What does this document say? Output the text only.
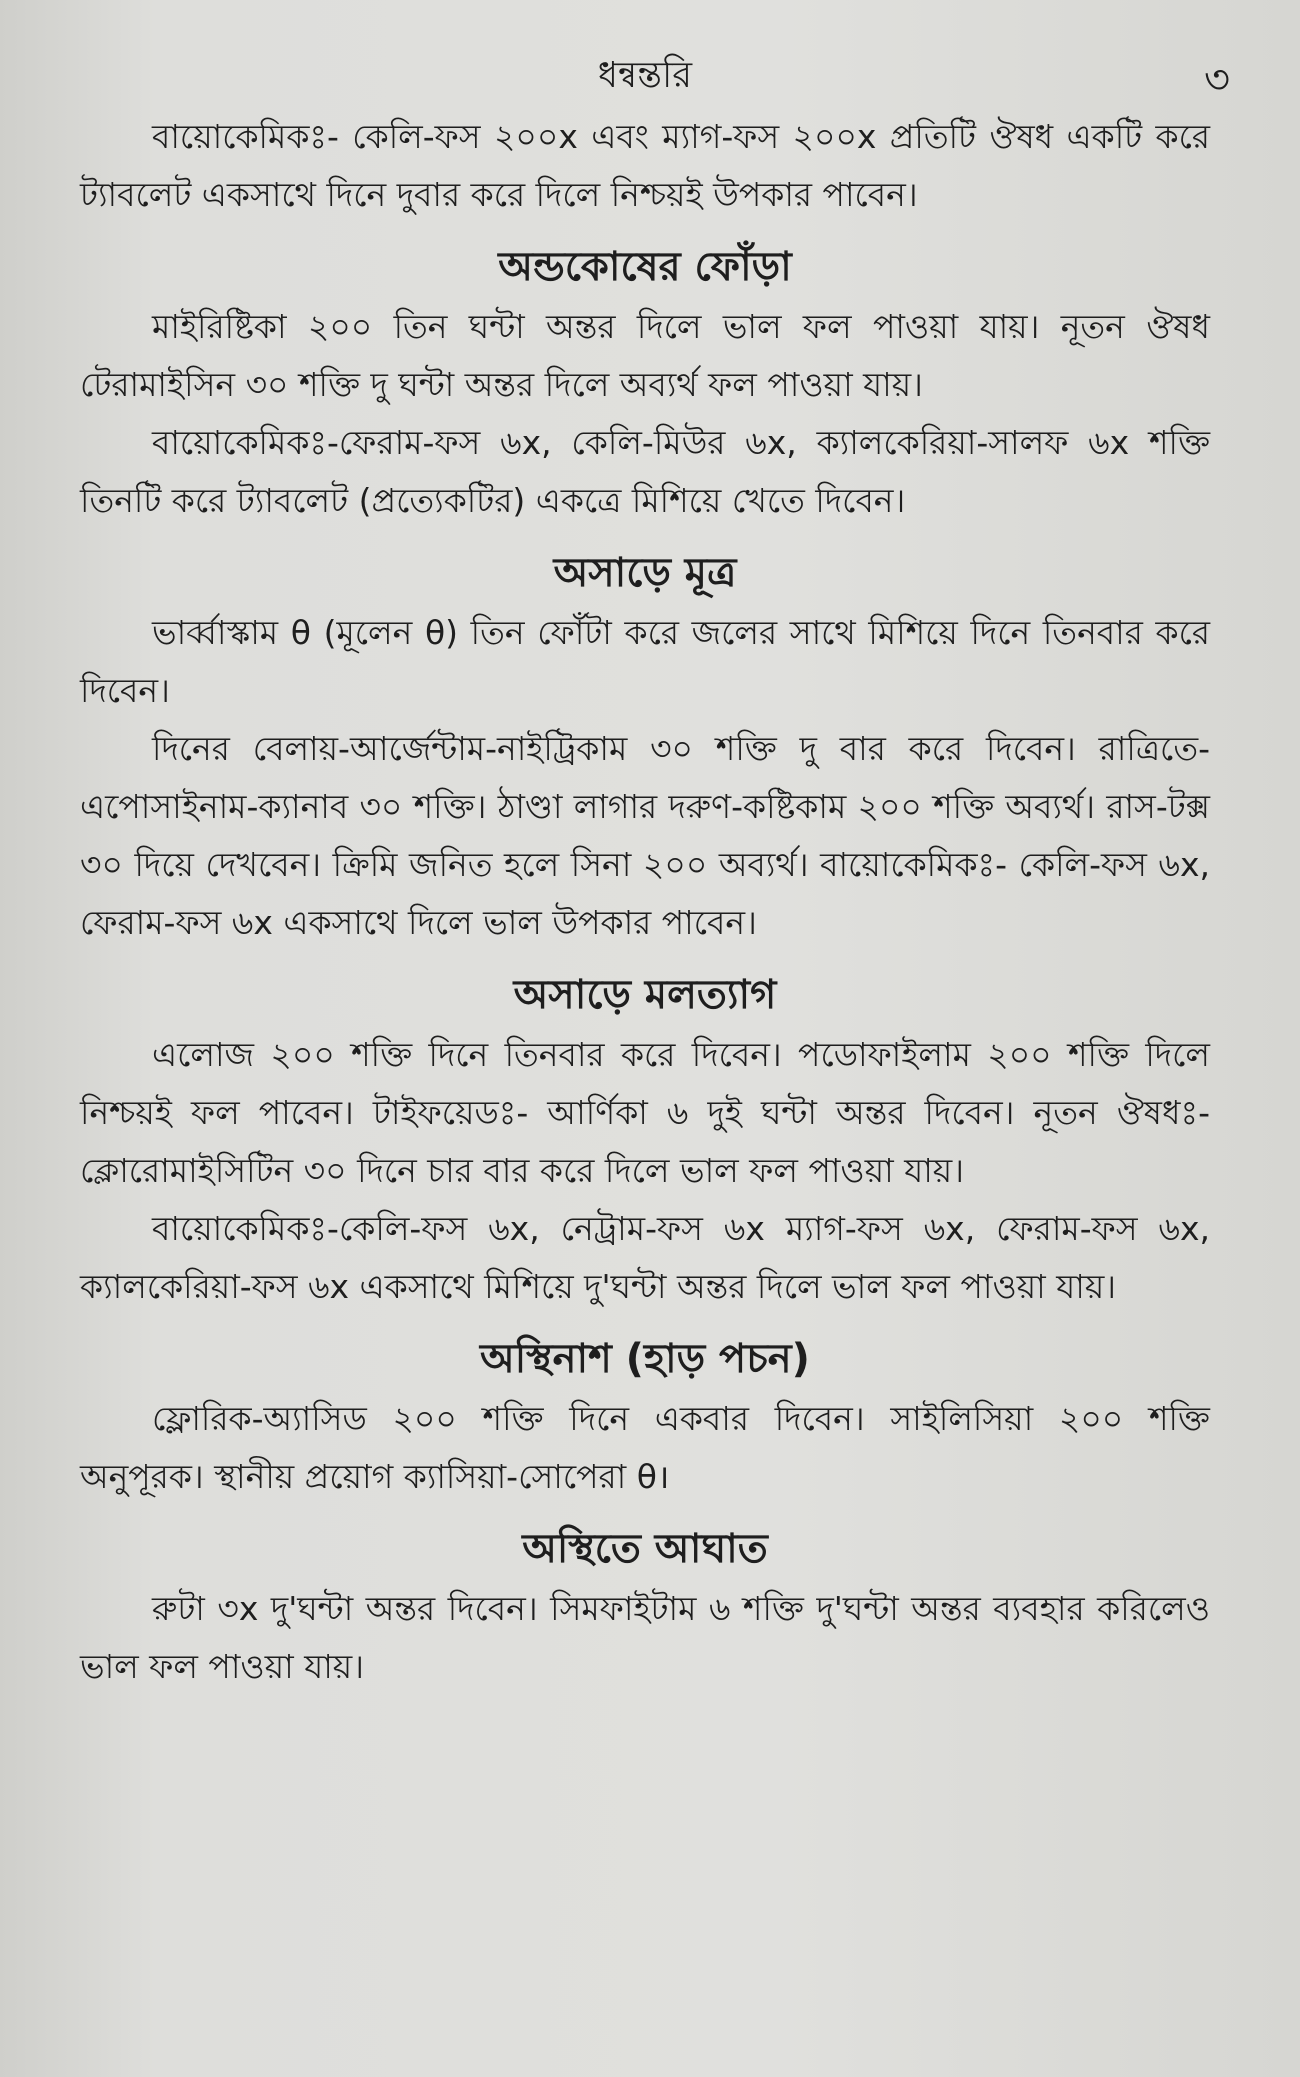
ধন্বন্তরি	৩

বায়োকেমিকঃ- কেলি-ফস ২০০x এবং ম্যাগ-ফস ২০০x প্রতিটি ঔষধ একটি করে ট্যাবলেট একসাথে দিনে দুবার করে দিলে নিশ্চয়ই উপকার পাবেন।

অন্ডকোষের ফোঁড়া

মাইরিষ্টিকা ২০০ তিন ঘন্টা অন্তর দিলে ভাল ফল পাওয়া যায়। নূতন ঔষধ টেরামাইসিন ৩০ শক্তি দু ঘন্টা অন্তর দিলে অব্যর্থ ফল পাওয়া যায়।

বায়োকেমিকঃ-ফেরাম-ফস ৬x, কেলি-মিউর ৬x, ক্যালকেরিয়া-সালফ ৬x শক্তি তিনটি করে ট্যাবলেট (প্রত্যেকটির) একত্রে মিশিয়ে খেতে দিবেন।

অসাড়ে মূত্র

ভার্ব্বাস্কাম θ (মূলেন θ) তিন ফোঁটা করে জলের সাথে মিশিয়ে দিনে তিনবার করে দিবেন।

দিনের বেলায়-আর্জেন্টাম-নাইট্রিকাম ৩০ শক্তি দু বার করে দিবেন। রাত্রিতে-এপোসাইনাম-ক্যানাব ৩০ শক্তি। ঠাণ্ডা লাগার দরুণ-কষ্টিকাম ২০০ শক্তি অব্যর্থ। রাস-টক্স ৩০ দিয়ে দেখবেন। ক্রিমি জনিত হলে সিনা ২০০ অব্যর্থ। বায়োকেমিকঃ- কেলি-ফস ৬x, ফেরাম-ফস ৬x একসাথে দিলে ভাল উপকার পাবেন।

অসাড়ে মলত্যাগ

এলোজ ২০০ শক্তি দিনে তিনবার করে দিবেন। পডোফাইলাম ২০০ শক্তি দিলে নিশ্চয়ই ফল পাবেন। টাইফয়েডঃ- আর্ণিকা ৬ দুই ঘন্টা অন্তর দিবেন। নূতন ঔষধঃ-ক্লোরোমাইসিটিন ৩০ দিনে চার বার করে দিলে ভাল ফল পাওয়া যায়।

বায়োকেমিকঃ-কেলি-ফস ৬x, নেট্রাম-ফস ৬x ম্যাগ-ফস ৬x, ফেরাম-ফস ৬x, ক্যালকেরিয়া-ফস ৬x একসাথে মিশিয়ে দু'ঘন্টা অন্তর দিলে ভাল ফল পাওয়া যায়।

অস্থিনাশ (হাড় পচন)

ফ্লোরিক-অ্যাসিড ২০০ শক্তি দিনে একবার দিবেন। সাইলিসিয়া ২০০ শক্তি অনুপূরক। স্থানীয় প্রয়োগ ক্যাসিয়া-সোপেরা θ।

অস্থিতে আঘাত

রুটা ৩x দু'ঘন্টা অন্তর দিবেন। সিমফাইটাম ৬ শক্তি দু'ঘন্টা অন্তর ব্যবহার করিলেও ভাল ফল পাওয়া যায়।
